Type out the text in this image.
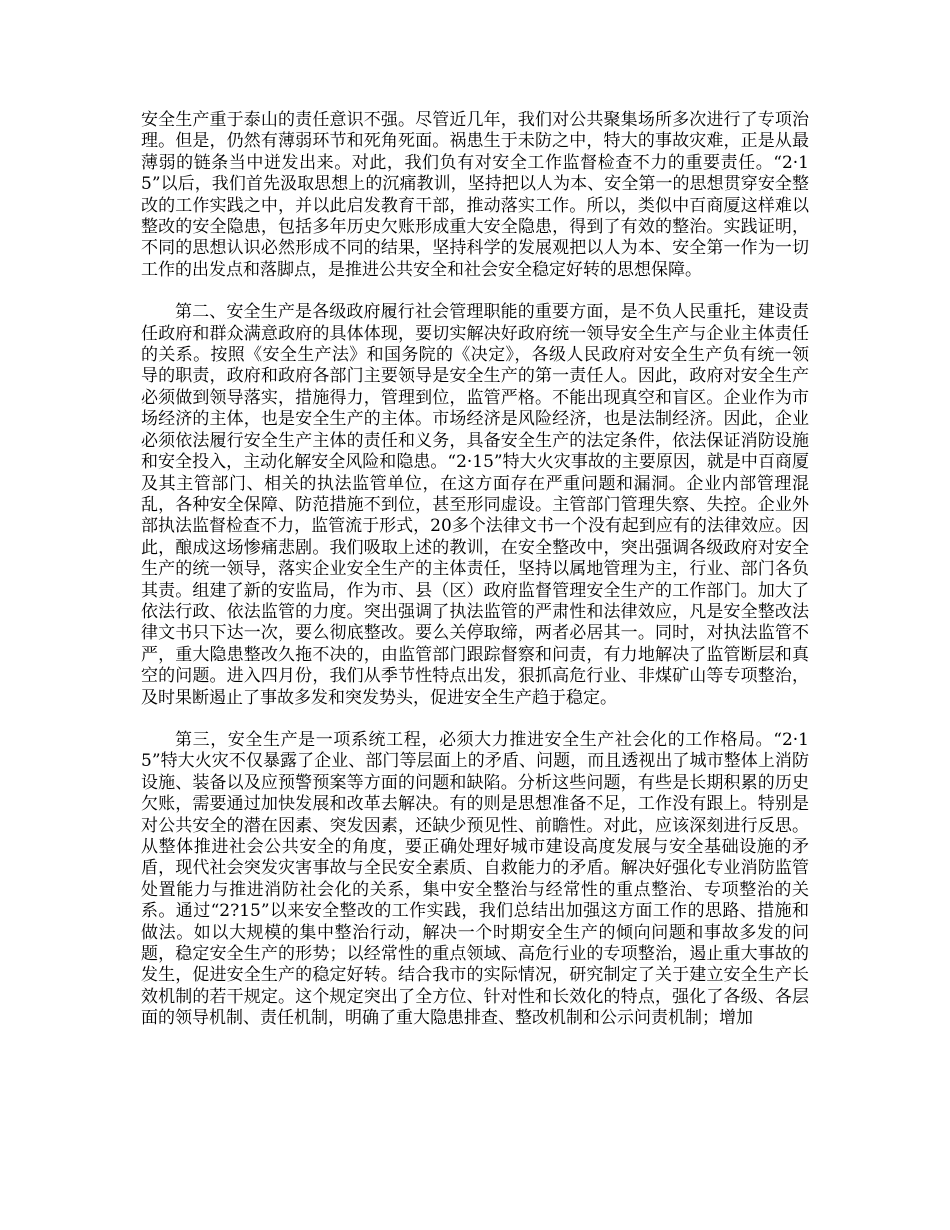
安全生产重于泰山的责任意识不强。尽管近几年，我们对公共聚集场所多次进行了专项治理。但是，仍然有薄弱环节和死角死面。祸患生于未防之中，特大的事故灾难，正是从最薄弱的链条当中迸发出来。对此，我们负有对安全工作监督检查不力的重要责任。“2·15”以后，我们首先汲取思想上的沉痛教训，坚持把以人为本、安全第一的思想贯穿安全整改的工作实践之中，并以此启发教育干部，推动落实工作。所以，类似中百商厦这样难以整改的安全隐患，包括多年历史欠账形成重大安全隐患，得到了有效的整治。实践证明，不同的思想认识必然形成不同的结果，坚持科学的发展观把以人为本、安全第一作为一切工作的出发点和落脚点，是推进公共安全和社会安全稳定好转的思想保障。

第二、安全生产是各级政府履行社会管理职能的重要方面，是不负人民重托，建设责任政府和群众满意政府的具体体现，要切实解决好政府统一领导安全生产与企业主体责任的关系。按照《安全生产法》和国务院的《决定》，各级人民政府对安全生产负有统一领导的职责，政府和政府各部门主要领导是安全生产的第一责任人。因此，政府对安全生产必须做到领导落实，措施得力，管理到位，监管严格。不能出现真空和盲区。企业作为市场经济的主体，也是安全生产的主体。市场经济是风险经济，也是法制经济。因此，企业必须依法履行安全生产主体的责任和义务，具备安全生产的法定条件，依法保证消防设施和安全投入，主动化解安全风险和隐患。“2·15”特大火灾事故的主要原因，就是中百商厦及其主管部门、相关的执法监管单位，在这方面存在严重问题和漏洞。企业内部管理混乱，各种安全保障、防范措施不到位，甚至形同虚设。主管部门管理失察、失控。企业外部执法监督检查不力，监管流于形式，20多个法律文书一个没有起到应有的法律效应。因此，酿成这场惨痛悲剧。我们吸取上述的教训，在安全整改中，突出强调各级政府对安全生产的统一领导，落实企业安全生产的主体责任，坚持以属地管理为主，行业、部门各负其责。组建了新的安监局，作为市、县（区）政府监督管理安全生产的工作部门。加大了依法行政、依法监管的力度。突出强调了执法监管的严肃性和法律效应，凡是安全整改法律文书只下达一次，要么彻底整改。要么关停取缔，两者必居其一。同时，对执法监管不严，重大隐患整改久拖不决的，由监管部门跟踪督察和问责，有力地解决了监管断层和真空的问题。进入四月份，我们从季节性特点出发，狠抓高危行业、非煤矿山等专项整治，及时果断遏止了事故多发和突发势头，促进安全生产趋于稳定。

第三，安全生产是一项系统工程，必须大力推进安全生产社会化的工作格局。“2·15”特大火灾不仅暴露了企业、部门等层面上的矛盾、问题，而且透视出了城市整体上消防设施、装备以及应预警预案等方面的问题和缺陷。分析这些问题，有些是长期积累的历史欠账，需要通过加快发展和改革去解决。有的则是思想准备不足，工作没有跟上。特别是对公共安全的潜在因素、突发因素，还缺少预见性、前瞻性。对此，应该深刻进行反思。从整体推进社会公共安全的角度，要正确处理好城市建设高度发展与安全基础设施的矛盾，现代社会突发灾害事故与全民安全素质、自救能力的矛盾。解决好强化专业消防监管处置能力与推进消防社会化的关系，集中安全整治与经常性的重点整治、专项整治的关系。通过“2?15”以来安全整改的工作实践，我们总结出加强这方面工作的思路、措施和做法。如以大规模的集中整治行动，解决一个时期安全生产的倾向问题和事故多发的问题，稳定安全生产的形势；以经常性的重点领域、高危行业的专项整治，遏止重大事故的发生，促进安全生产的稳定好转。结合我市的实际情况，研究制定了关于建立安全生产长效机制的若干规定。这个规定突出了全方位、针对性和长效化的特点，强化了各级、各层面的领导机制、责任机制，明确了重大隐患排查、整改机制和公示问责机制；增加
